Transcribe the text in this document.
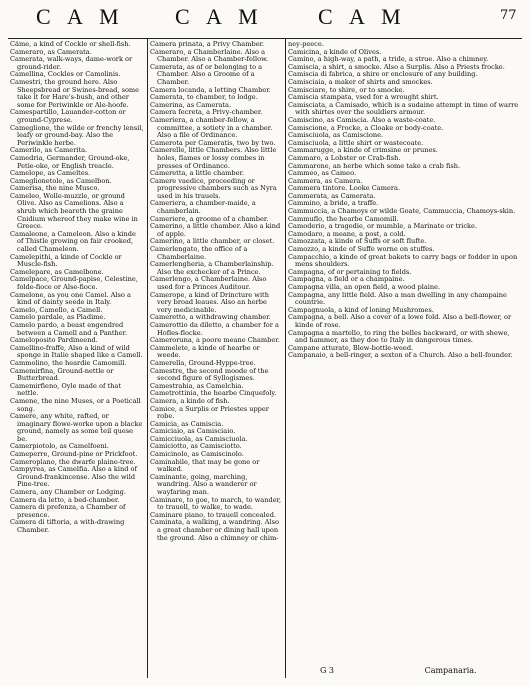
C A M C A M C A M	77

Câme, a kind of Cockle or shell-fish.

Cameraro, as Camerata.

Camerata, walk-ways, dame-work or ground-rider.

Camellina, Cockles or Camolinis.

Camestri, the ground here. Also Sheepsbread or Swines-bread, some take it for Hare's-bush, and other some for Periwinkle or Ale-hoofe.

Camespartillo, Lauander-cotton or ground-Cyprese.

Cameglione, the wilde or frenchy lensil, leafy or ground-bay. Also the Periwinkle herbe.

Camerilo, as Camerita.

Camedria, Germander, Ground-oke, Petie-oke, or English treacle.

Camelope, as Cameltes.

Cameglionetole, as Camelbon.

Camerisa, the nine Musco.

Cameleo, Wolle-muzzle, or ground Olive. Also as Camelions. Also a shrub which beareth the graine Cnidium whereof they make wine in Greece.

Camaleone, a Cameleon. Also a kinde of Thistle growing on fair crooked, called Chameleon.

Camelepithi, a kinde of Cockle or Muscle-fish.

Camelepare, as Camelbone.

Camelpace, Ground-papise, Celestine, folde-fioce or Alse-fioce.

Camelone, as you one Camel. Also a kind of dainty seede in Italy.

Camelo, Camello, a Camell.

Camelo pardale, as Pladime.

Camelo pardo, a beast engendred between a Camell and a Panther.

Cameloposito Pardineend.

Camellino-fraffe, Also a kind of wild sponge in Italie shaped like a Camell.

Cammolino, the heardie Camomill.

Camemirfina, Ground-nettle or Butterbread.

Camemirfieno, Oyle made of that nettle.

Camene, the nine Muses, or a Poeticall song.

Camere, any white, rafted, or imaginary flowe-worke upon a blacke ground, namely as some teil quese be.

Camerpiotolo, as Camelfoeni.

Cameperre, Ground-pine or Prickfoot.

Cameroplano, the dwarfe plaine-tree.

Campyrea, as Camelfia. Also a kind of Ground-frankincense. Also the wild Pine-tree.

Camera, any Chamber or Lodging.

Camera da letto, a bed-chamber.

Camera di prefenza, a Chamber of presence.

Camera di tiftoria, a with-drawing Chamber.

Camera prinata, a Privy Chamber.

Cameraro, a Chamberlaine. Also a Chamber. Also a Chamber-fellow.

Camerata, as of or belonging to a Chamber. Also a Groome of a Chamber.

Camera locanda, a letting Chamber.

Camerata, to chamber, to lodge.

Camerina, as Camerata.

Camera fecreta, a Privy-chamber.

Cameriera, a chamber-fellow, a committee, a sotiety in a chamber. Also a file of Ordinance.

Camerota per Cameratis, two by two.

Camerelle, little Chambers. Also little holes, flames or lossy combes in presses of Ordinance.

Cameretta, a little chamber.

Camere vaedice, proceeding or progressive chambers such as Nyra used in his trauels.

Cameriera, a chamber-maide, a chamberlain.

Cameriere, a groome of a chamber.

Camerino, a little chamber. Also a kind of apple.

Camerino, a little chamber, or closet.

Camerlengato, the office of a Chamberlaine.

Camerlengheria, a Chamberlainship. Also the exchecker of a Prince.

Camerlengo, a Chamberlaine. Also used for a Princes Auditour.

Camerope, a kind of Drincture with very broad leaues. Also an herbe very medicinable.

Cameretto, a withdrawing chamber.

Camerottio da diletto, a chamber for a Hofles-flocke.

Cameroruna, a poore meane Chamber.

Cammelete, a kinde of hearbe or weede.

Camerella, Ground-Hyppe-tree.

Camestre, the second moode of the second figure of Syllogismes.

Camestrahia, as Camelchia.

Cametrottinia, the hearbe Cinquefoly.

Camera, a kinde of fish.

Camice, a Surplis or Priestes upper robe.

Camicia, as Camiscia.

Camiciaio, as Camisciaio.

Camicciuola, as Camisciuola.

Camiciotto, as Camisciotto.

Camicinolo, as Camiscinolo.

Caminabile, that may be gone or walked.

Caminante, going, marching, wandring. Also a wanderer or wayfaring man.

Caminare, to goe, to march, to wander, to trauell, to walke, to wade.

Caminare piano, to trauell concealed.

Caminata, a walking, a wandring. Also a great chamber or dining hall upon the ground. Also a chimney or chim-

ney-peece.

Camicina, a kinde of Olives.

Camino, a high-way, a path, a tride, a strue. Also a chimney.

Camiscia, a shirt, a smocke. Also a Surplis. Also a Priests frocke.

Camiscia di fabrica, a shire or enclosure of any building.

Camisciaia, a maker of shirts and smockes.

Camisciare, to shire, or to smocke.

Camiscia stampata, vsed for a wrought shirt.

Camisciata, a Camisado, which is a sudaine attempt in time of warre with shirtes over the souldiers armour.

Camiscino, as Camiscia. Also a waste-coate.

Camiscione, a Frocke, a Cloake or body-coate.

Camisciuola, as Camiscione.

Camisciuola, a little shirt or wastecoate.

Cammarugge, a kinde of crimsine or prunes.

Cammaro, a Lobster or Crab-fish.

Cammarone, an herbe which some take a crab fish.

Cammeo, as Cameo.

Cammera, as Camera.

Cammera tintore. Looke Camera.

Cammerata, as Camerata.

Cammino, a bride, a traffe.

Cammuccia, a Chamoys or wilde Goate, Cammuccia, Chamoys-skin.

Cammuflo, the hearbe Camomill.

Camoderio, a tragedie, or mumble, a Marinate or tricke.

Camodaro, a meane, a post, a cold.

Camozzata, a kinde of Suffs or soft flufte.

Camozzo, a kinde of Suffe worne on stuffes.

Campacchio, a kinde of great bakets to carry bags or fodder in upon mens shoulders.

Campagna, of or pertaining to fields.

Campagna, a field or a champaine.

Campagna villa, an open field, a wood plaine.

Campagna, any little field. Also a man dwelling in any champaine countrie.

Campagnuola, a kind of loning Mushromes.

Campagna, a bell. Also a cover of a lowe fold. Also a bell-flower, or kinde of rose.

Campagna a martello, to ring the belles backward, or with shewe, and hammer, as they doe to Italy in dangerous times.

Campane atturate, Blew-bottle-weed.

Campanaio, a bell-ringer, a sexton of a Church. Also a bell-founder.

G 3	Campanaria.
